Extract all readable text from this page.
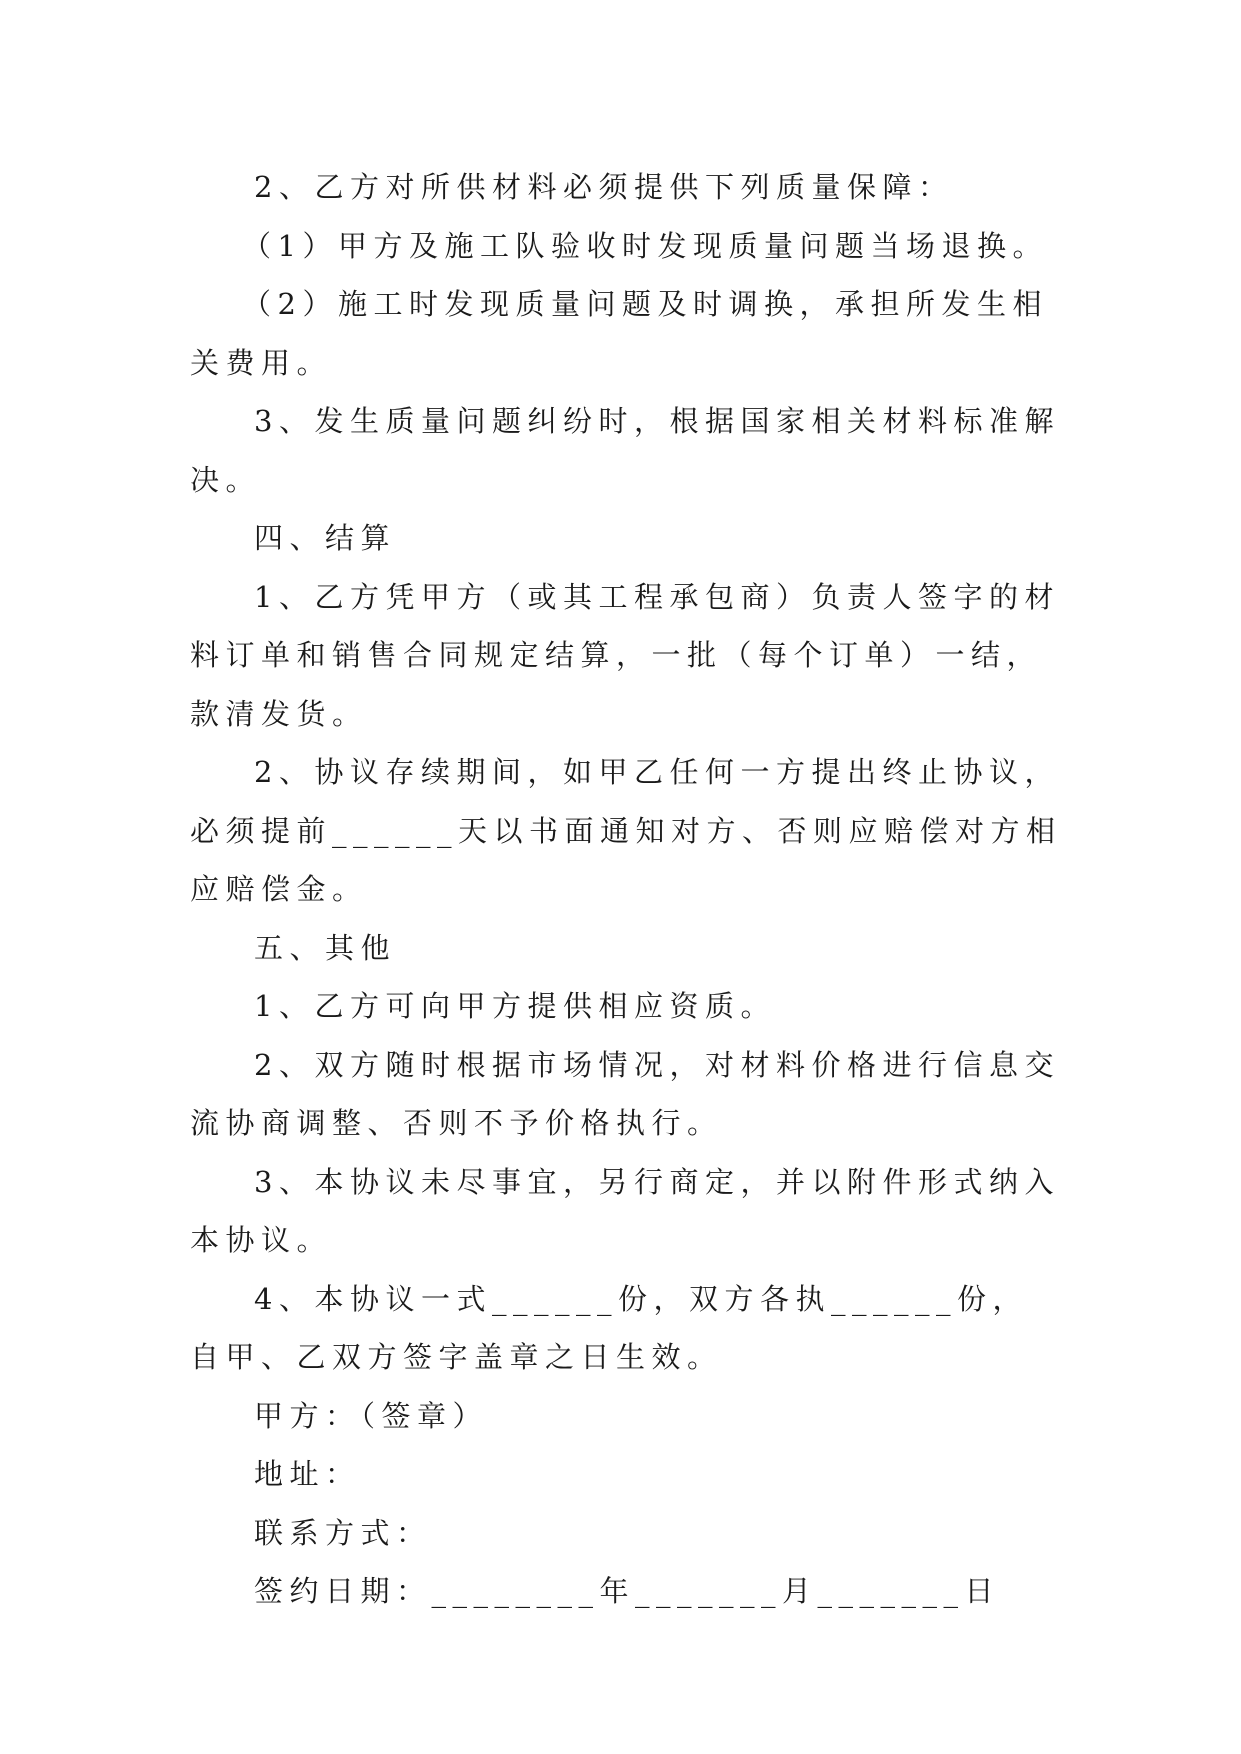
2、乙方对所供材料必须提供下列质量保障：

（1）甲方及施工队验收时发现质量问题当场退换。

（2）施工时发现质量问题及时调换，承担所发生相关费用。

3、发生质量问题纠纷时，根据国家相关材料标准解决。

四、结算

1、乙方凭甲方（或其工程承包商）负责人签字的材料订单和销售合同规定结算，一批（每个订单）一结，款清发货。

2、协议存续期间，如甲乙任何一方提出终止协议，必须提前______天以书面通知对方、否则应赔偿对方相应赔偿金。

五、其他

1、乙方可向甲方提供相应资质。

2、双方随时根据市场情况，对材料价格进行信息交流协商调整、否则不予价格执行。

3、本协议未尽事宜，另行商定，并以附件形式纳入本协议。

4、本协议一式______份，双方各执______份，自甲、乙双方签字盖章之日生效。

甲方：（签章）

地址：

联系方式：

签约日期：________年_______月_______日
